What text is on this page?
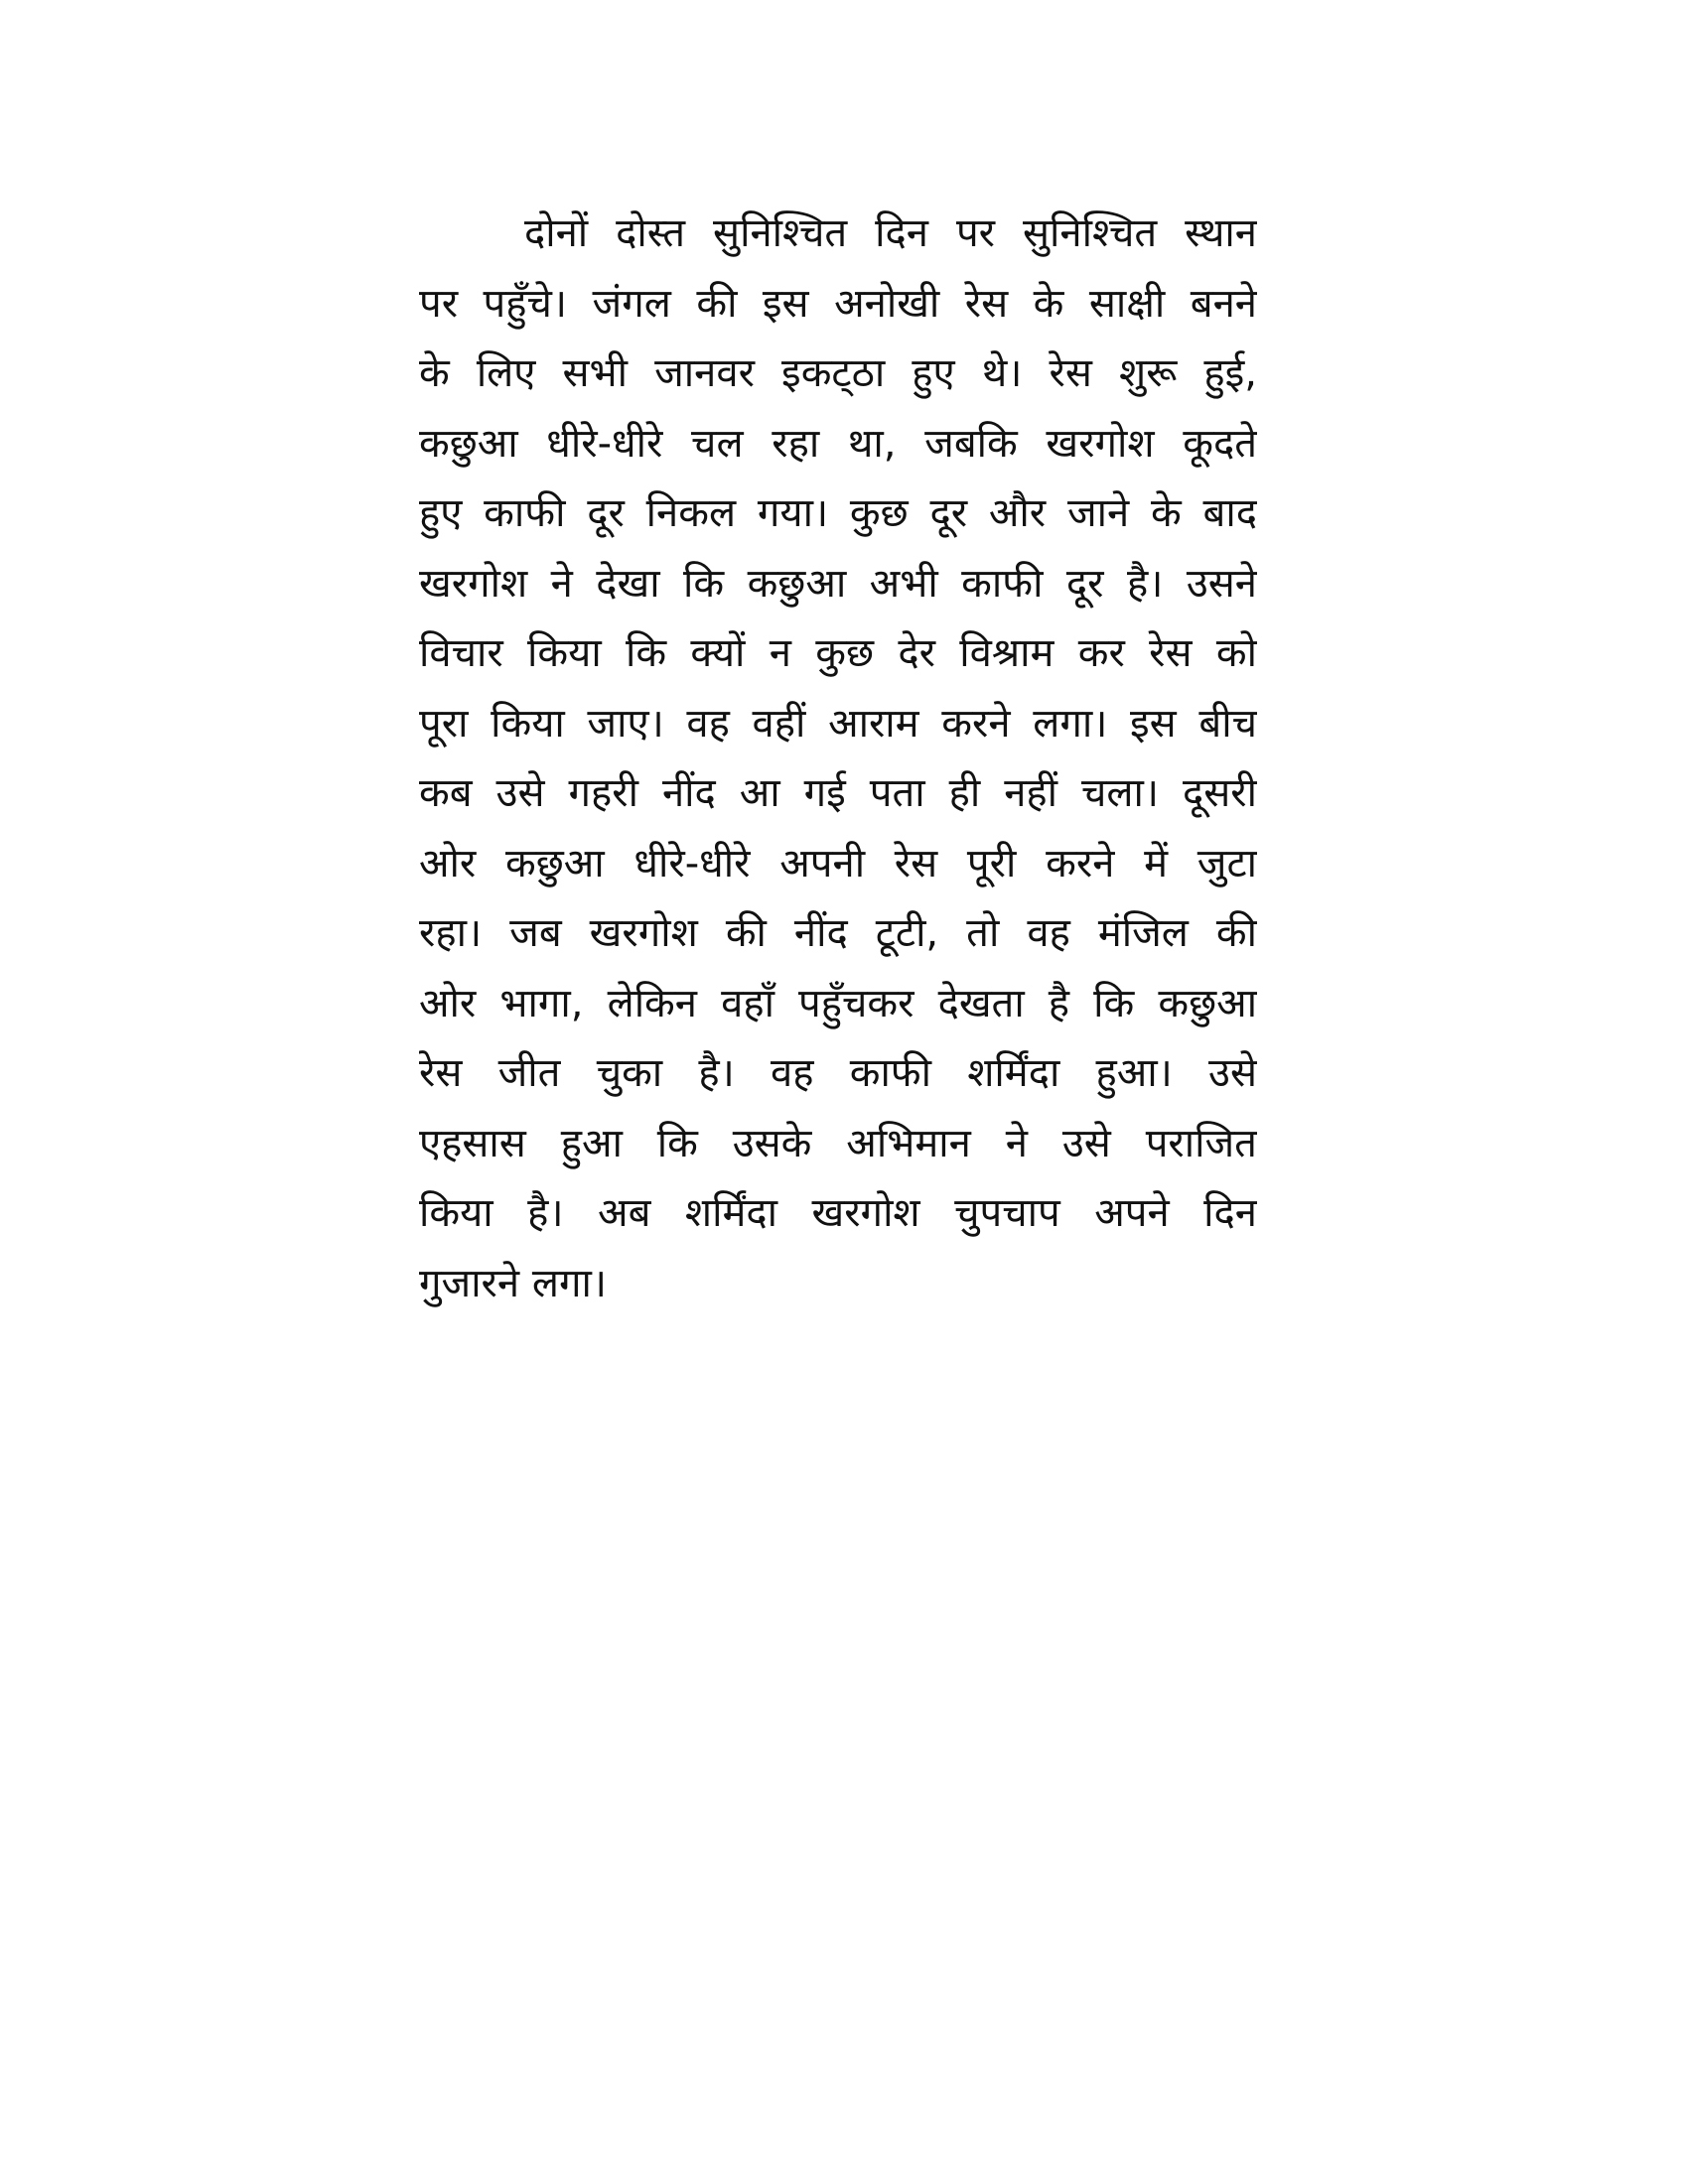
दोनों दोस्त सुनिश्चित दिन पर सुनिश्चित स्थान
पर पहुँचे। जंगल की इस अनोखी रेस के साक्षी बनने
के लिए सभी जानवर इकट्‌ठा हुए थे। रेस शुरू हुई,
कछुआ धीरे-धीरे चल रहा था, जबकि खरगोश कूदते
हुए काफी दूर निकल गया। कुछ दूर और जाने के बाद
खरगोश ने देखा कि कछुआ अभी काफी दूर है। उसने
विचार किया कि क्यों न कुछ देर विश्राम कर रेस को
पूरा किया जाए। वह वहीं आराम करने लगा। इस बीच
कब उसे गहरी नींद आ गई पता ही नहीं चला। दूसरी
ओर कछुआ धीरे-धीरे अपनी रेस पूरी करने में जुटा
रहा। जब खरगोश की नींद टूटी, तो वह मंजिल की
ओर भागा, लेकिन वहाँ पहुँचकर देखता है कि कछुआ
रेस जीत चुका है। वह काफी शर्मिंदा हुआ। उसे
एहसास हुआ कि उसके अभिमान ने उसे पराजित
किया है। अब शर्मिंदा खरगोश चुपचाप अपने दिन
गुजारने लगा।
